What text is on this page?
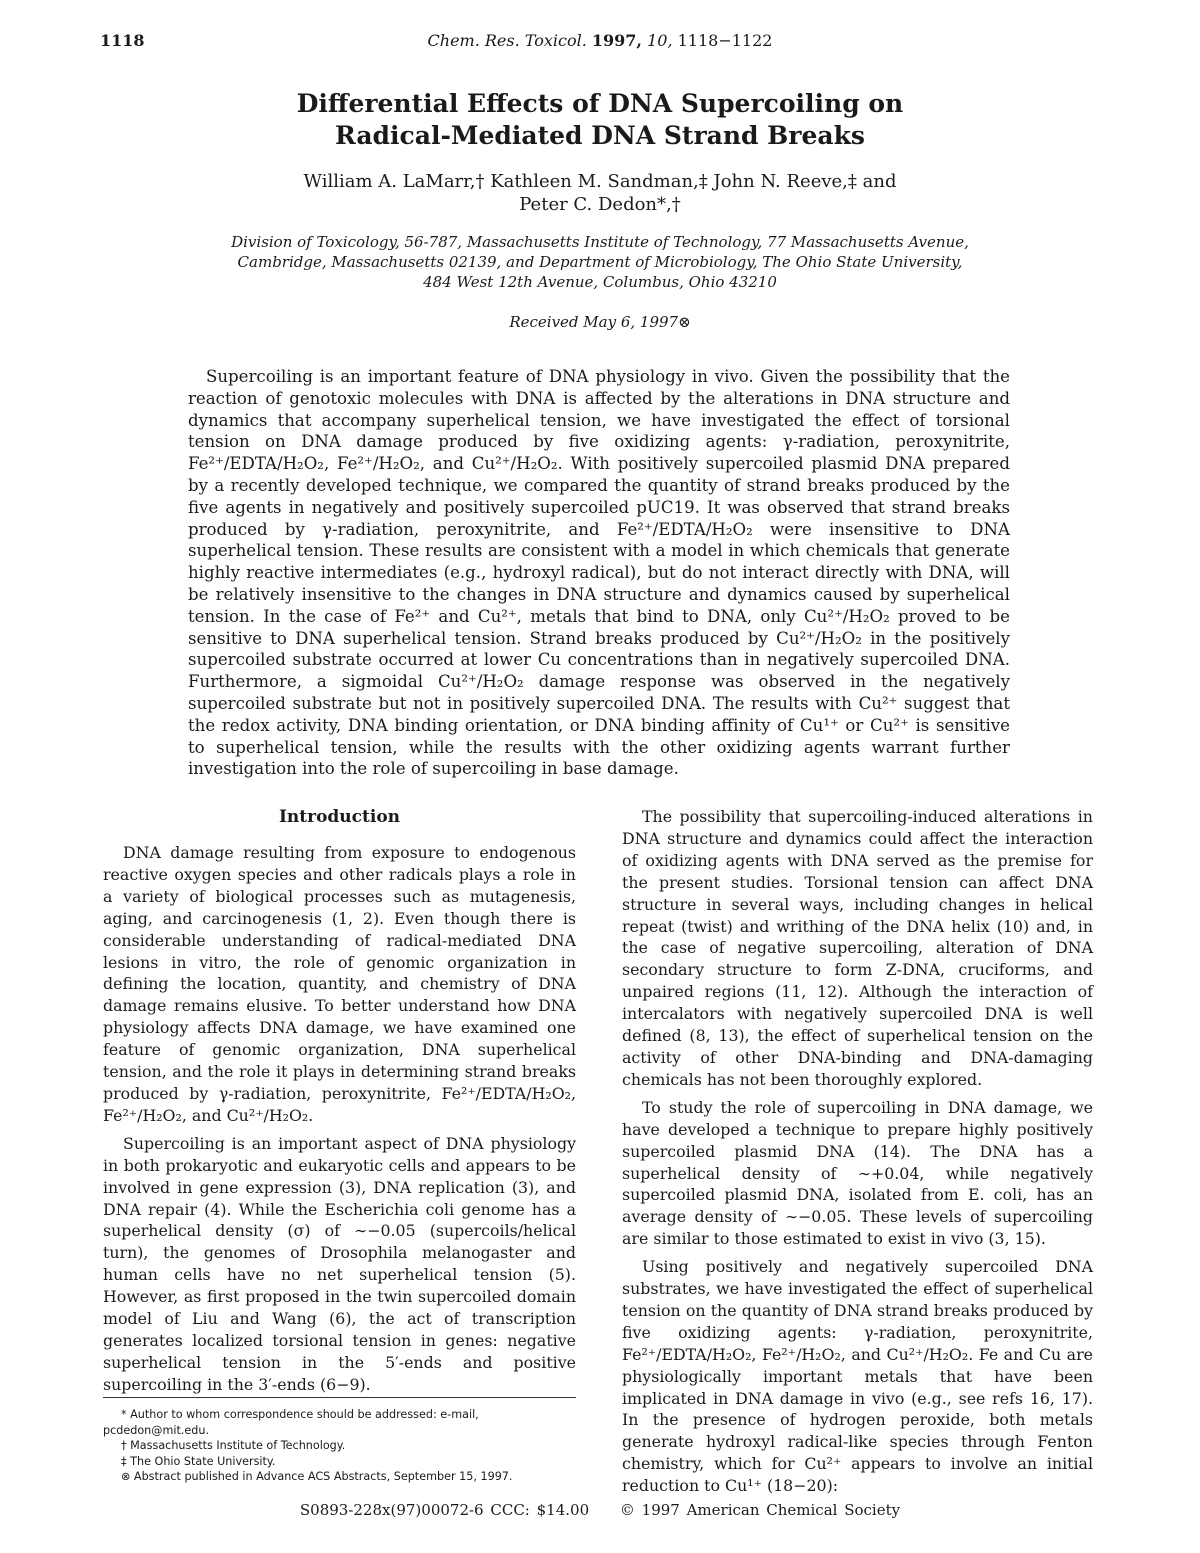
1118	Chem. Res. Toxicol. 1997, 10, 1118−1122
Differential Effects of DNA Supercoiling on
Radical-Mediated DNA Strand Breaks
William A. LaMarr,† Kathleen M. Sandman,‡ John N. Reeve,‡ and
Peter C. Dedon*,†
Division of Toxicology, 56-787, Massachusetts Institute of Technology, 77 Massachusetts Avenue,
Cambridge, Massachusetts 02139, and Department of Microbiology, The Ohio State University,
484 West 12th Avenue, Columbus, Ohio 43210
Received May 6, 1997⊗

Supercoiling is an important feature of DNA physiology in vivo. Given the possibility that the reaction of genotoxic molecules with DNA is affected by the alterations in DNA structure and dynamics that accompany superhelical tension, we have investigated the effect of torsional tension on DNA damage produced by five oxidizing agents: γ-radiation, peroxynitrite, Fe²⁺/EDTA/H₂O₂, Fe²⁺/H₂O₂, and Cu²⁺/H₂O₂. With positively supercoiled plasmid DNA prepared by a recently developed technique, we compared the quantity of strand breaks produced by the five agents in negatively and positively supercoiled pUC19. It was observed that strand breaks produced by γ-radiation, peroxynitrite, and Fe²⁺/EDTA/H₂O₂ were insensitive to DNA superhelical tension. These results are consistent with a model in which chemicals that generate highly reactive intermediates (e.g., hydroxyl radical), but do not interact directly with DNA, will be relatively insensitive to the changes in DNA structure and dynamics caused by superhelical tension. In the case of Fe²⁺ and Cu²⁺, metals that bind to DNA, only Cu²⁺/H₂O₂ proved to be sensitive to DNA superhelical tension. Strand breaks produced by Cu²⁺/H₂O₂ in the positively supercoiled substrate occurred at lower Cu concentrations than in negatively supercoiled DNA. Furthermore, a sigmoidal Cu²⁺/H₂O₂ damage response was observed in the negatively supercoiled substrate but not in positively supercoiled DNA. The results with Cu²⁺ suggest that the redox activity, DNA binding orientation, or DNA binding affinity of Cu¹⁺ or Cu²⁺ is sensitive to superhelical tension, while the results with the other oxidizing agents warrant further investigation into the role of supercoiling in base damage.

Introduction

DNA damage resulting from exposure to endogenous reactive oxygen species and other radicals plays a role in a variety of biological processes such as mutagenesis, aging, and carcinogenesis (1, 2). Even though there is considerable understanding of radical-mediated DNA lesions in vitro, the role of genomic organization in defining the location, quantity, and chemistry of DNA damage remains elusive. To better understand how DNA physiology affects DNA damage, we have examined one feature of genomic organization, DNA superhelical tension, and the role it plays in determining strand breaks produced by γ-radiation, peroxynitrite, Fe²⁺/EDTA/H₂O₂, Fe²⁺/H₂O₂, and Cu²⁺/H₂O₂.

Supercoiling is an important aspect of DNA physiology in both prokaryotic and eukaryotic cells and appears to be involved in gene expression (3), DNA replication (3), and DNA repair (4). While the Escherichia coli genome has a superhelical density (σ) of ∼−0.05 (supercoils/helical turn), the genomes of Drosophila melanogaster and human cells have no net superhelical tension (5). However, as first proposed in the twin supercoiled domain model of Liu and Wang (6), the act of transcription generates localized torsional tension in genes: negative superhelical tension in the 5′-ends and positive supercoiling in the 3′-ends (6−9).

The possibility that supercoiling-induced alterations in DNA structure and dynamics could affect the interaction of oxidizing agents with DNA served as the premise for the present studies. Torsional tension can affect DNA structure in several ways, including changes in helical repeat (twist) and writhing of the DNA helix (10) and, in the case of negative supercoiling, alteration of DNA secondary structure to form Z-DNA, cruciforms, and unpaired regions (11, 12). Although the interaction of intercalators with negatively supercoiled DNA is well defined (8, 13), the effect of superhelical tension on the activity of other DNA-binding and DNA-damaging chemicals has not been thoroughly explored.

To study the role of supercoiling in DNA damage, we have developed a technique to prepare highly positively supercoiled plasmid DNA (14). The DNA has a superhelical density of ∼+0.04, while negatively supercoiled plasmid DNA, isolated from E. coli, has an average density of ∼−0.05. These levels of supercoiling are similar to those estimated to exist in vivo (3, 15).

Using positively and negatively supercoiled DNA substrates, we have investigated the effect of superhelical tension on the quantity of DNA strand breaks produced by five oxidizing agents: γ-radiation, peroxynitrite, Fe²⁺/EDTA/H₂O₂, Fe²⁺/H₂O₂, and Cu²⁺/H₂O₂. Fe and Cu are physiologically important metals that have been implicated in DNA damage in vivo (e.g., see refs 16, 17). In the presence of hydrogen peroxide, both metals generate hydroxyl radical-like species through Fenton chemistry, which for Cu²⁺ appears to involve an initial reduction to Cu¹⁺ (18−20):

* Author to whom correspondence should be addressed: e-mail, pcdedon@mit.edu.
† Massachusetts Institute of Technology.
‡ The Ohio State University.
⊗ Abstract published in Advance ACS Abstracts, September 15, 1997.
S0893-228x(97)00072-6 CCC: $14.00 © 1997 American Chemical Society
